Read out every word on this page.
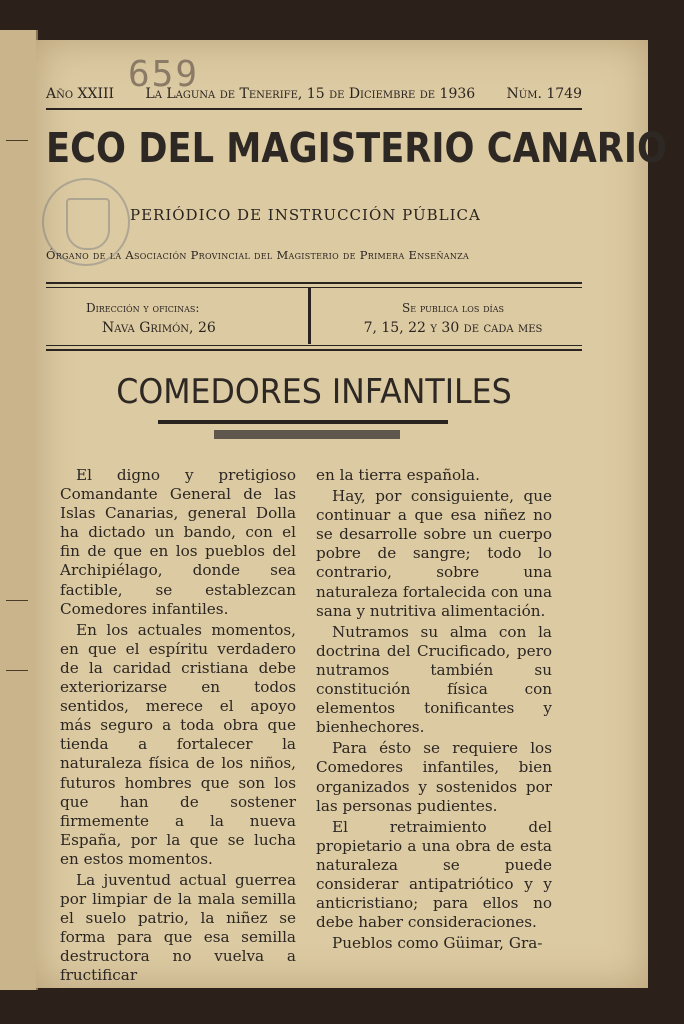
659
Año XXIII La Laguna de Tenerife, 15 de Diciembre de 1936 Núm. 1749
ECO DEL MAGISTERIO CANARIO
PERIÓDICO DE INSTRUCCIÓN PÚBLICA
Órgano de la Asociación Provincial del Magisterio de Primera Enseñanza
Dirección y oficinas:
Nava Grimón, 26
Se publica los días
7, 15, 22 y 30 de cada mes
COMEDORES INFANTILES

El digno y pretigioso Comandante General de las Islas Canarias, general Dolla ha dictado un bando, con el fin de que en los pueblos del Archipiélago, donde sea factible, se establezcan Comedores infantiles.

En los actuales momentos, en que el espíritu verdadero de la caridad cristiana debe exteriorizarse en todos sentidos, merece el apoyo más seguro a toda obra que tienda a fortalecer la naturaleza física de los niños, futuros hombres que son los que han de sostener firmemente a la nueva España, por la que se lucha en estos momentos.

La juventud actual guerrea por limpiar de la mala semilla el suelo patrio, la niñez se forma para que esa semilla destructora no vuelva a fructificar

en la tierra española.

Hay, por consiguiente, que continuar a que esa niñez no se desarrolle sobre un cuerpo pobre de sangre; todo lo contrario, sobre una naturaleza fortalecida con una sana y nutritiva alimentación.

Nutramos su alma con la doctrina del Crucificado, pero nutramos también su constitución física con elementos tonificantes y bienhechores.

Para ésto se requiere los Comedores infantiles, bien organizados y sostenidos por las personas pudientes.

El retraimiento del propietario a una obra de esta naturaleza se puede considerar antipatriótico y y anticristiano; para ellos no debe haber consideraciones.

Pueblos como Güimar, Gra-
